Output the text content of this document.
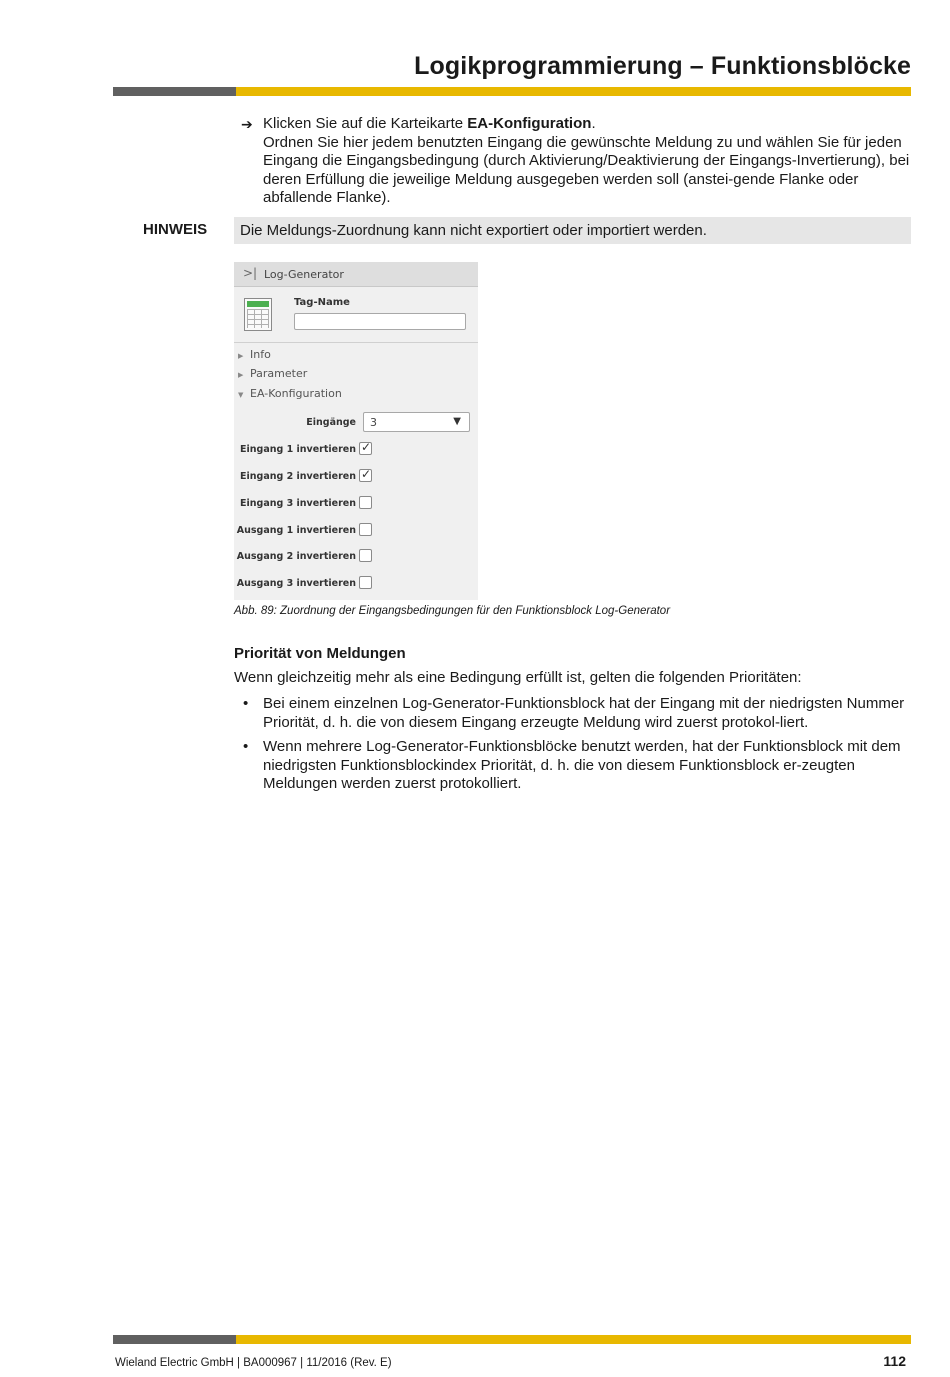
Logikprogrammierung – Funktionsblöcke
➔ Klicken Sie auf die Karteikarte EA-Konfiguration.
Ordnen Sie hier jedem benutzten Eingang die gewünschte Meldung zu und wählen Sie für jeden Eingang die Eingangsbedingung (durch Aktivierung/Deaktivierung der Eingangs-Invertierung), bei deren Erfüllung die jeweilige Meldung ausgegeben werden soll (anstei-gende Flanke oder abfallende Flanke).
HINWEIS	Die Meldungs-Zuordnung kann nicht exportiert oder importiert werden.
>| Log-Generator
Tag-Name
▶ Info
▶ Parameter
▼ EA-Konfiguration
Eingänge 3	▼
Eingang 1 invertieren ✓
Eingang 2 invertieren ✓
Eingang 3 invertieren
Ausgang 1 invertieren
Ausgang 2 invertieren
Ausgang 3 invertieren
Abb. 89: Zuordnung der Eingangsbedingungen für den Funktionsblock Log-Generator
Priorität von Meldungen
Wenn gleichzeitig mehr als eine Bedingung erfüllt ist, gelten die folgenden Prioritäten:
• Bei einem einzelnen Log-Generator-Funktionsblock hat der Eingang mit der niedrigsten Nummer Priorität, d. h. die von diesem Eingang erzeugte Meldung wird zuerst protokol-liert.
• Wenn mehrere Log-Generator-Funktionsblöcke benutzt werden, hat der Funktionsblock mit dem niedrigsten Funktionsblockindex Priorität, d. h. die von diesem Funktionsblock er-zeugten Meldungen werden zuerst protokolliert.
Wieland Electric GmbH | BA000967 | 11/2016 (Rev. E)	112
